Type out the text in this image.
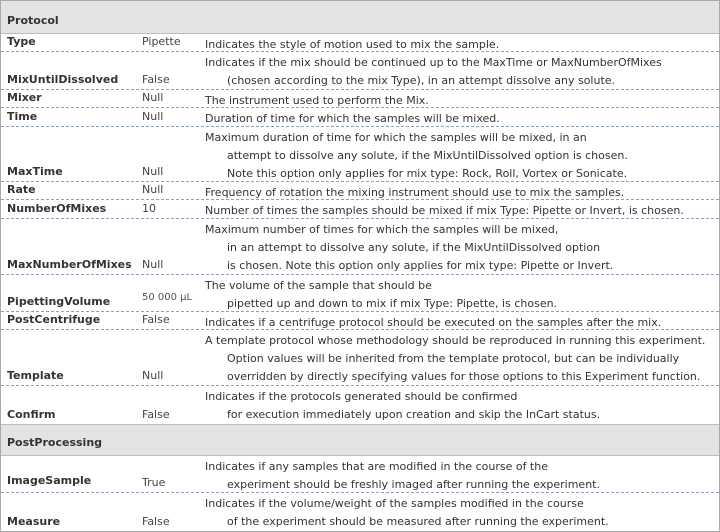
Protocol
Type	Pipette Indicates the style of motion used to mix the sample.
MixUntilDissolved False
Indicates if the mix should be continued up to the MaxTime or MaxNumberOfMixes
(chosen according to the mix Type), in an attempt dissolve any solute.
Mixer	Null	The instrument used to perform the Mix.
Time	Null	Duration of time for which the samples will be mixed.
MaxTime	Null
Maximum duration of time for which the samples will be mixed, in an
attempt to dissolve any solute, if the MixUntilDissolved option is chosen.
Note this option only applies for mix type: Rock, Roll, Vortex or Sonicate.
Rate	Null	Frequency of rotation the mixing instrument should use to mix the samples.
NumberOfMixes	10	Number of times the samples should be mixed if mix Type: Pipette or Invert, is chosen.
MaxNumberOfMixes Null
Maximum number of times for which the samples will be mixed,
in an attempt to dissolve any solute, if the MixUntilDissolved option
is chosen. Note this option only applies for mix type: Pipette or Invert.
PipettingVolume	50 000 μL
The volume of the sample that should be
pipetted up and down to mix if mix Type: Pipette, is chosen.
PostCentrifuge	False	Indicates if a centrifuge protocol should be executed on the samples after the mix.
Template	Null
A template protocol whose methodology should be reproduced in running this experiment.
Option values will be inherited from the template protocol, but can be individually
overridden by directly specifying values for those options to this Experiment function.
Confirm	False
Indicates if the protocols generated should be confirmed
for execution immediately upon creation and skip the InCart status.
PostProcessing
ImageSample	True
Indicates if any samples that are modified in the course of the
experiment should be freshly imaged after running the experiment.
Measure	False
Indicates if the volume/weight of the samples modified in the course
of the experiment should be measured after running the experiment.
